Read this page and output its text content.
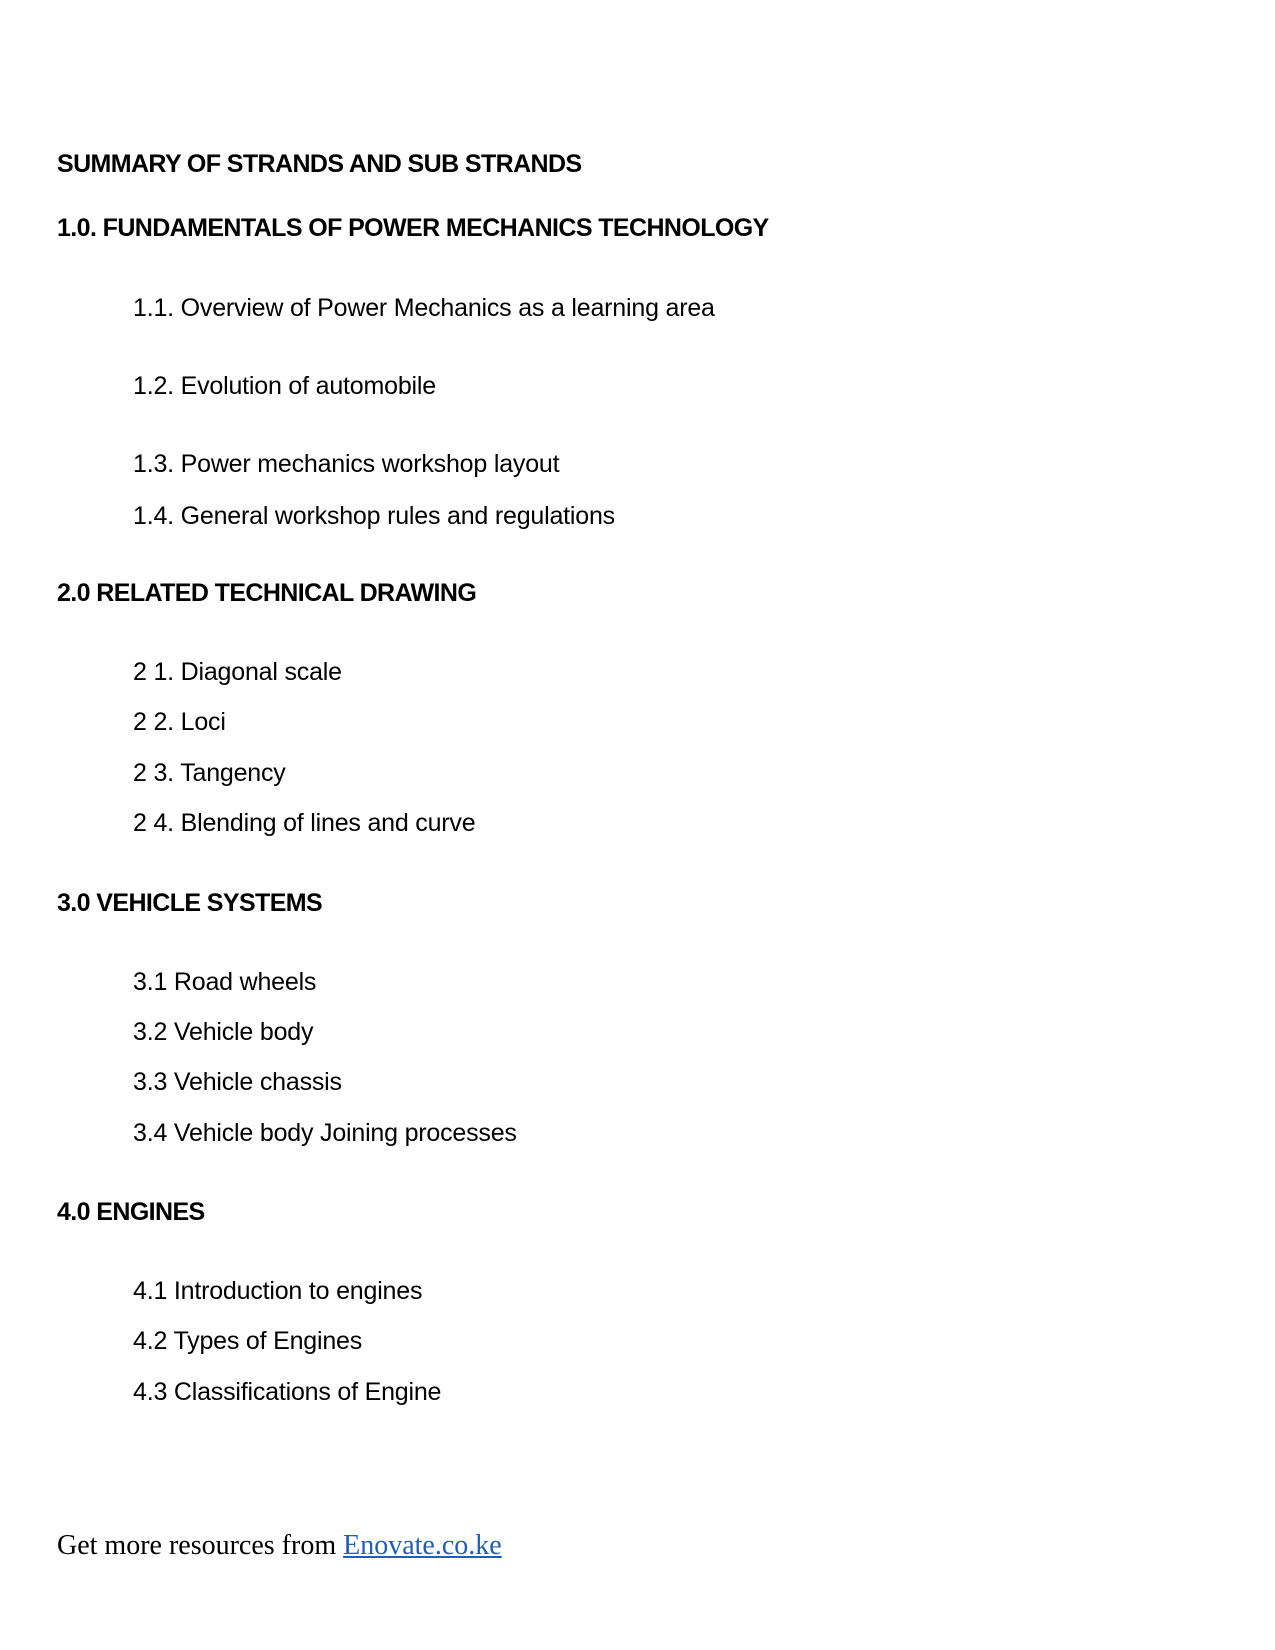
SUMMARY OF STRANDS AND SUB STRANDS
1.0. FUNDAMENTALS OF POWER MECHANICS TECHNOLOGY
1.1. Overview of Power Mechanics as a learning area
1.2. Evolution of automobile
1.3. Power mechanics workshop layout
1.4. General workshop rules and regulations
2.0 RELATED TECHNICAL DRAWING
2 1. Diagonal scale
2 2. Loci
2 3. Tangency
2 4. Blending of lines and curve
3.0 VEHICLE SYSTEMS
3.1 Road wheels
3.2 Vehicle body
3.3 Vehicle chassis
3.4 Vehicle body Joining processes
4.0 ENGINES
4.1 Introduction to engines
4.2 Types of Engines
4.3 Classifications of Engine
Get more resources from Enovate.co.ke
